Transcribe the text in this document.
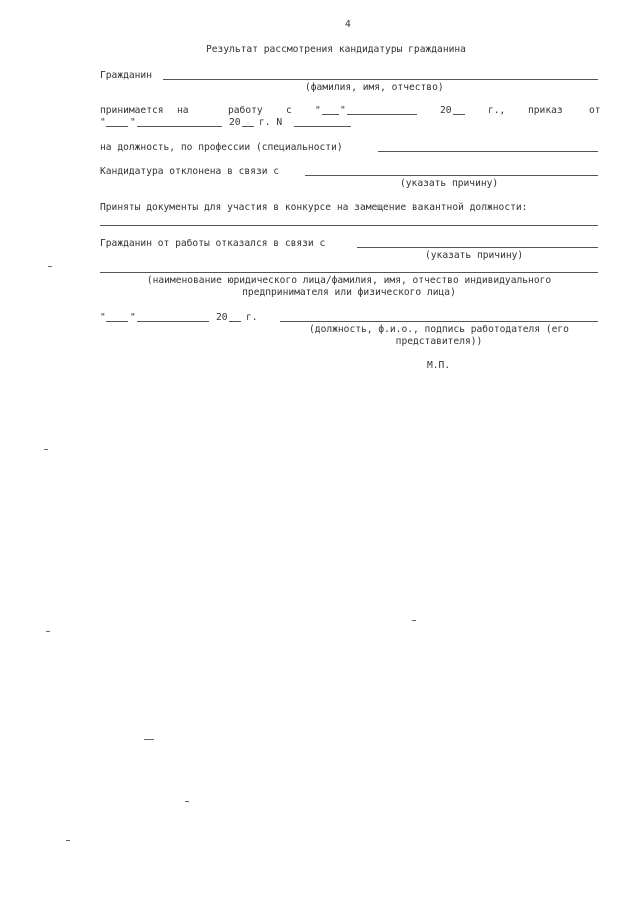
4
Результат рассмотрения кандидатуры гражданина
Гражданин
(фамилия, имя, отчество)
принимается на	работу с " "	20	г., приказ	от
"	"	20 г. N
на должность, по профессии (специальности)
Кандидатура отклонена в связи с
(указать причину)
Приняты документы для участия в конкурсе на замещение вакантной должности:
Гражданин от работы отказался в связи с
(указать причину)
(наименование юридического лица/фамилия, имя, отчество индивидуального
предпринимателя или физического лица)
"	"	20 г.
(должность, ф.и.о., подпись работодателя (его
представителя))
М.П.
